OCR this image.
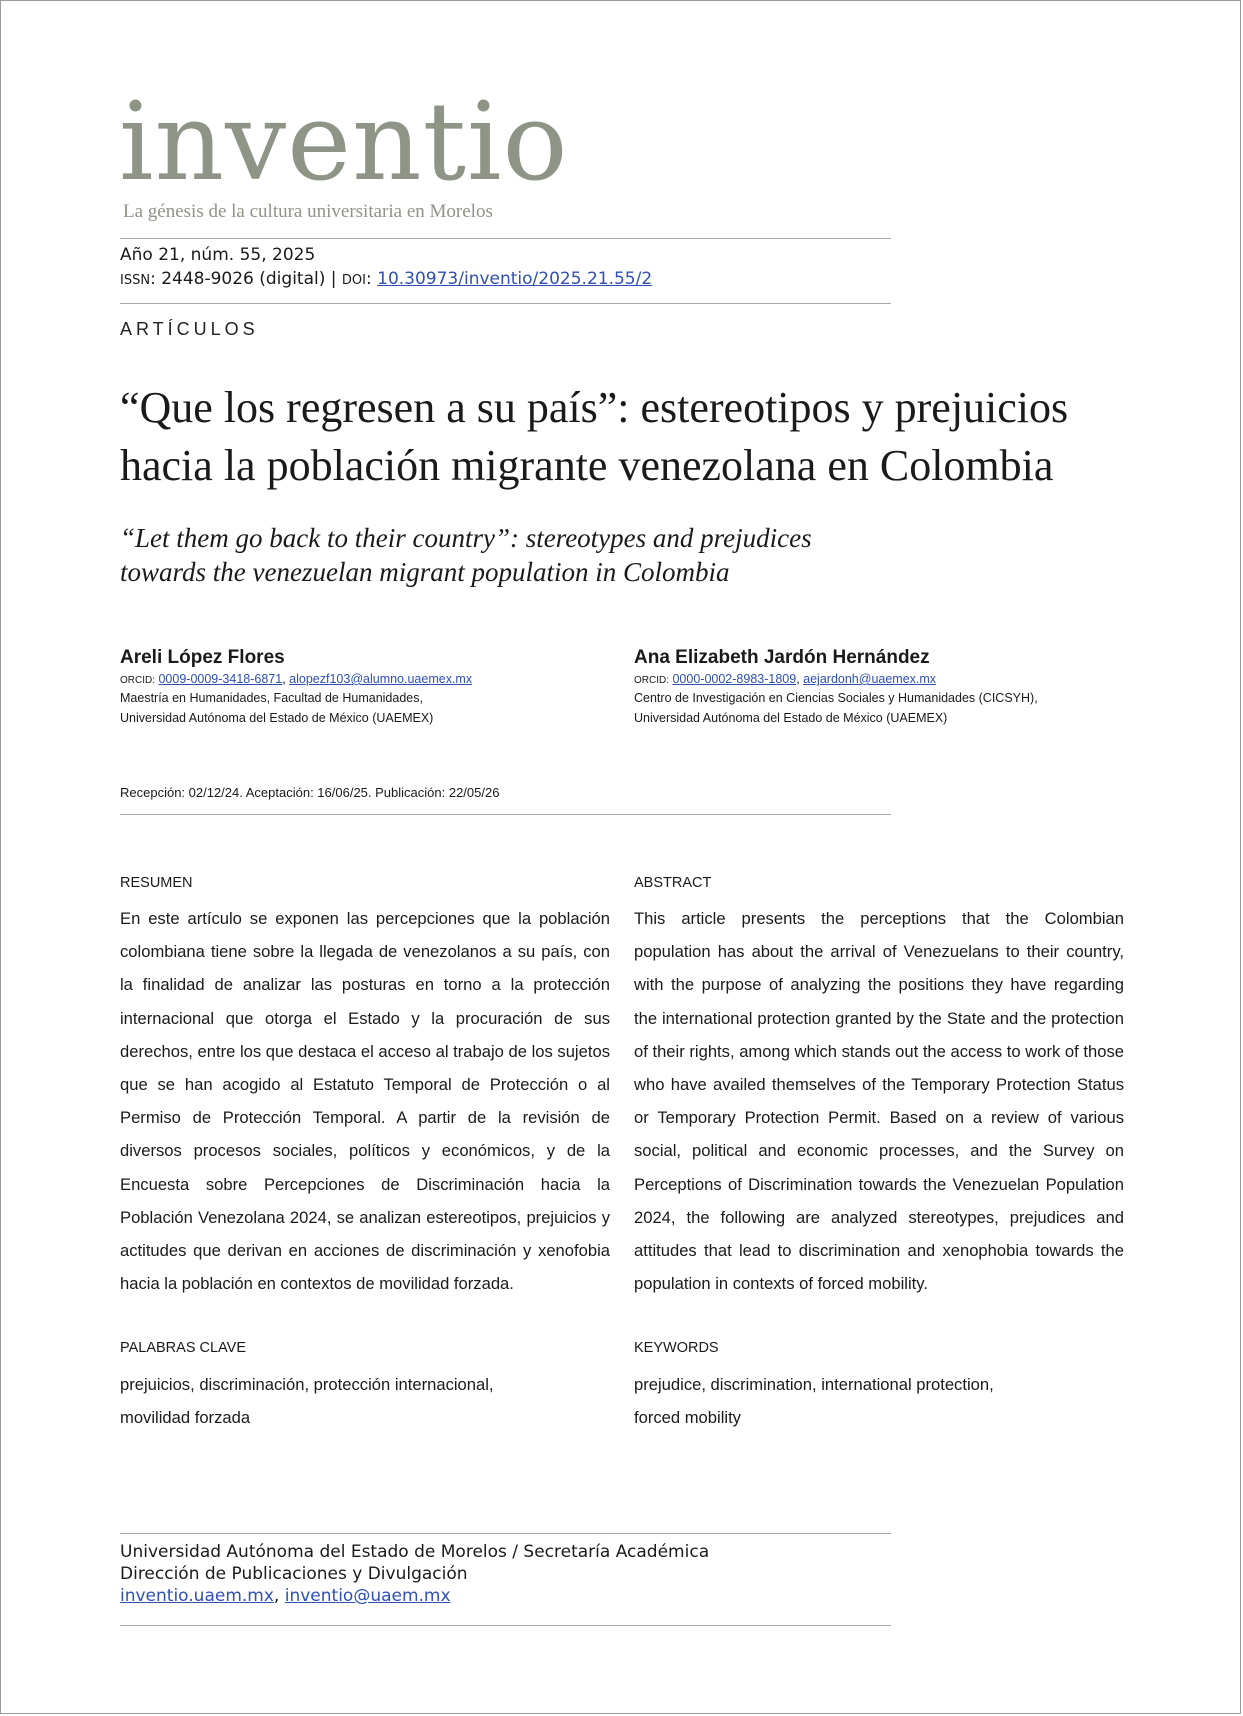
inventio
La génesis de la cultura universitaria en Morelos
Año 21, núm. 55, 2025
ISSN: 2448-9026 (digital) | DOI: 10.30973/inventio/2025.21.55/2
ARTÍCULOS
“Que los regresen a su país”: estereotipos y prejuicios hacia la población migrante venezolana en Colombia
“Let them go back to their country”: stereotypes and prejudices
towards the venezuelan migrant population in Colombia
Areli López Flores
ORCID: 0009-0009-3418-6871, alopezf103@alumno.uaemex.mx
Maestría en Humanidades, Facultad de Humanidades,
Universidad Autónoma del Estado de México (UAEMEX)
Ana Elizabeth Jardón Hernández
ORCID: 0000-0002-8983-1809, aejardonh@uaemex.mx
Centro de Investigación en Ciencias Sociales y Humanidades (CICSYH),
Universidad Autónoma del Estado de México (UAEMEX)
Recepción: 02/12/24. Aceptación: 16/06/25. Publicación: 22/05/26
RESUMEN
En este artículo se exponen las percepciones que la población colombiana tiene sobre la llegada de venezolanos a su país, con la finalidad de analizar las posturas en torno a la protección internacional que otorga el Estado y la procuración de sus derechos, entre los que destaca el acceso al trabajo de los sujetos que se han acogido al Estatuto Temporal de Protección o al Permiso de Protección Temporal. A partir de la revisión de diversos procesos sociales, políticos y económicos, y de la Encuesta sobre Percepciones de Discriminación hacia la Población Venezolana 2024, se analizan estereotipos, prejuicios y actitudes que derivan en acciones de discriminación y xenofobia hacia la población en contextos de movilidad forzada.
ABSTRACT
This article presents the perceptions that the Colombian population has about the arrival of Venezuelans to their country, with the purpose of analyzing the positions they have regarding the international protection granted by the State and the protection of their rights, among which stands out the access to work of those who have availed themselves of the Temporary Protection Status or Temporary Protection Permit. Based on a review of various social, political and economic processes, and the Survey on Perceptions of Discrimination towards the Venezuelan Population 2024, the following are analyzed stereotypes, prejudices and attitudes that lead to discrimination and xenophobia towards the population in contexts of forced mobility.
PALABRAS CLAVE
prejuicios, discriminación, protección internacional,
movilidad forzada
KEYWORDS
prejudice, discrimination, international protection,
forced mobility
Universidad Autónoma del Estado de Morelos / Secretaría Académica
Dirección de Publicaciones y Divulgación
inventio.uaem.mx, inventio@uaem.mx
